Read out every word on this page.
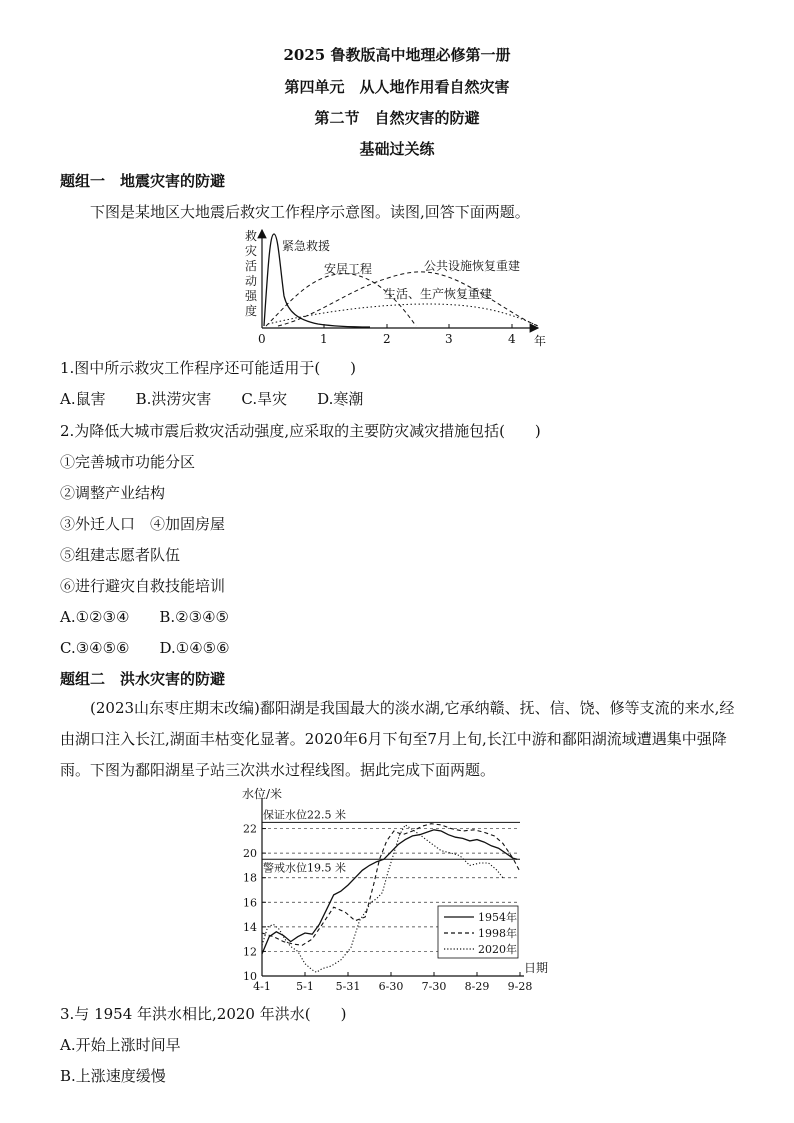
2025 鲁教版高中地理必修第一册
第四单元　从人地作用看自然灾害
第二节　自然灾害的防避
基础过关练
题组一　地震灾害的防避
下图是某地区大地震后救灾工作程序示意图。读图,回答下面两题。
救
灾
活
动
强
度
0	1	2	3	4 年
紧急救援
安居工程	公共设施恢复重建
生活、生产恢复重建
1.图中所示救灾工作程序还可能适用于(　　)
A.鼠害　　B.洪涝灾害　　C.旱灾　　D.寒潮
2.为降低大城市震后救灾活动强度,应采取的主要防灾减灾措施包括(　　)
①完善城市功能分区
②调整产业结构
③外迁人口　④加固房屋
⑤组建志愿者队伍
⑥进行避灾自救技能培训
A.①②③④　　B.②③④⑤
C.③④⑤⑥　　D.①④⑤⑥
题组二　洪水灾害的防避
(2023山东枣庄期末改编)鄱阳湖是我国最大的淡水湖,它承纳赣、抚、信、饶、修等支流的来水,经由湖口注入长江,湖面丰枯变化显著。2020年6月下旬至7月上旬,长江中游和鄱阳湖流域遭遇集中强降雨。下图为鄱阳湖星子站三次洪水过程线图。据此完成下面两题。
水位/米
日期
10
12
14
16
18
20
22
4-1 5-1 5-31 6-30 7-30 8-29 9-28
保证水位22.5 米
警戒水位19.5 米
1954年
1998年
2020年
3.与 1954 年洪水相比,2020 年洪水(　　)
A.开始上涨时间早
B.上涨速度缓慢
